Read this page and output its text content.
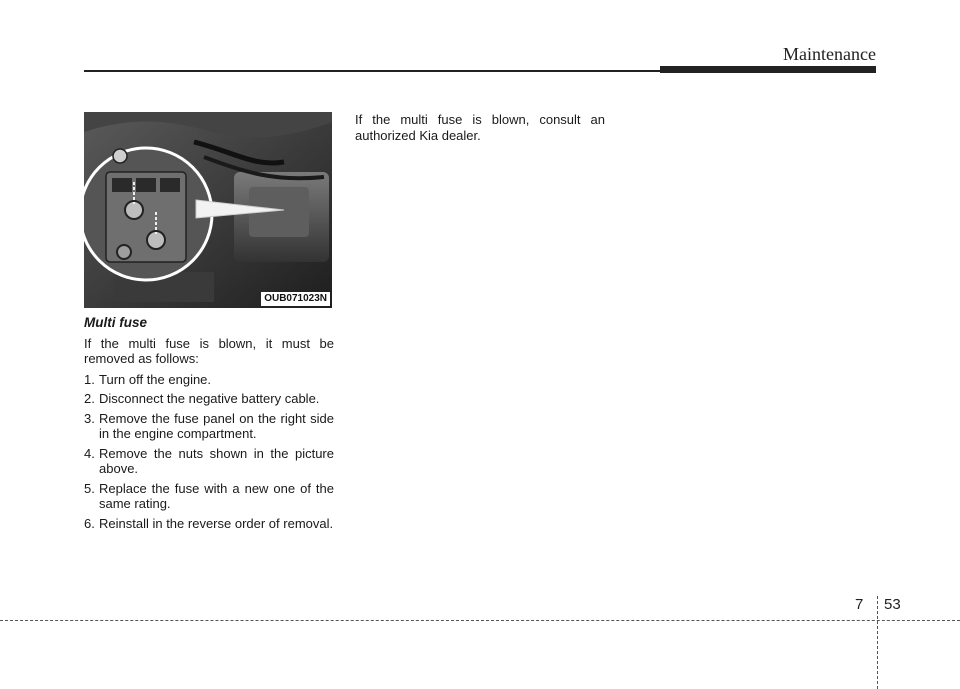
Maintenance
OUB071023N
Multi fuse

If the multi fuse is blown, it must be removed as follows:

1. Turn off the engine.
2. Disconnect the negative battery cable.
3. Remove the fuse panel on the right side in the engine compartment.
4. Remove the nuts shown in the picture above.
5. Replace the fuse with a new one of the same rating.
6. Reinstall in the reverse order of removal.

If the multi fuse is blown, consult an authorized Kia dealer.

7 53
